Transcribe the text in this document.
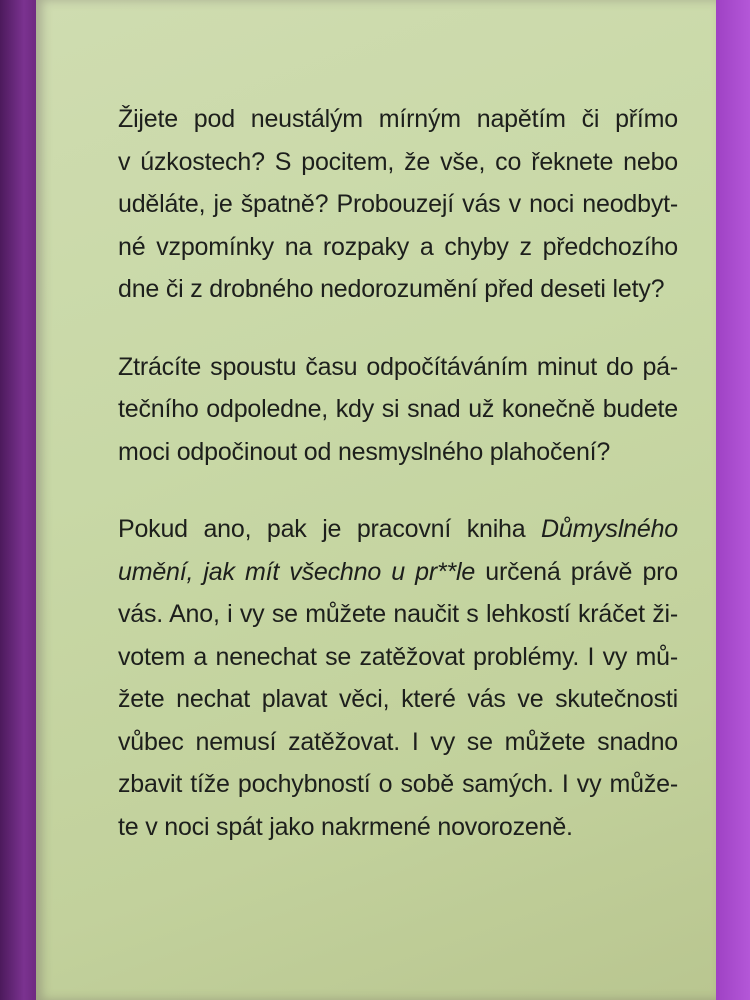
Žijete pod neustálým mírným napětím či přímo
v úzkostech? S pocitem, že vše, co řeknete nebo
uděláte, je špatně? Probouzejí vás v noci neodbyt-
né vzpomínky na rozpaky a chyby z předchozího
dne či z drobného nedorozumění před deseti lety?

Ztrácíte spoustu času odpočítáváním minut do pá-
tečního odpoledne, kdy si snad už konečně budete
moci odpočinout od nesmyslného plahočení?

Pokud ano, pak je pracovní kniha Důmyslného
umění, jak mít všechno u pr**le určená právě pro
vás. Ano, i vy se můžete naučit s lehkostí kráčet ži-
votem a nenechat se zatěžovat problémy. I vy mů-
žete nechat plavat věci, které vás ve skutečnosti
vůbec nemusí zatěžovat. I vy se můžete snadno
zbavit tíže pochybností o sobě samých. I vy může-
te v noci spát jako nakrmené novorozeně.
